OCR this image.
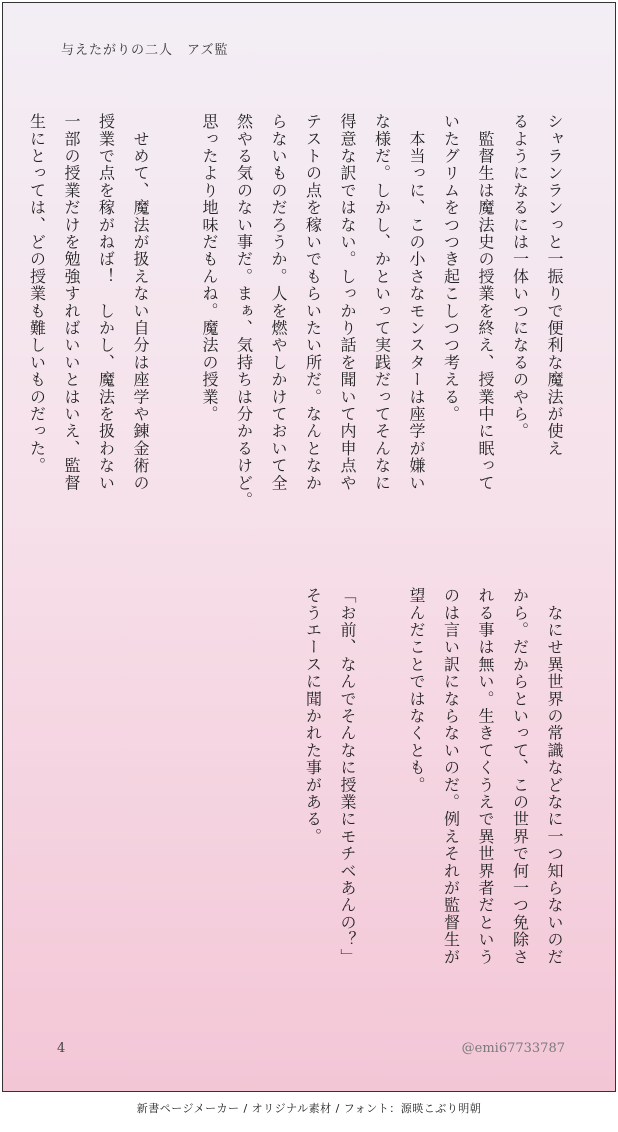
与えたがりの二人　アズ監

シャランランっと一振りで便利な魔法が使え

るようになるには一体いつになるのやら。

　監督生は魔法史の授業を終え、授業中に眠って

いたグリムをつつき起こしつつ考える。

　本当っに、この小さなモンスターは座学が嫌い

な様だ。しかし、かといって実践だってそんなに

得意な訳ではない。しっかり話を聞いて内申点や

テストの点を稼いでもらいたい所だ。なんとなか

らないものだろうか。人を燃やしかけておいて全

然やる気のない事だ。まぁ、気持ちは分かるけど。

思ったより地味だもんね。魔法の授業。

　せめて、魔法が扱えない自分は座学や錬金術の

授業で点を稼がねば！　しかし、魔法を扱わない

一部の授業だけを勉強すればいいとはいえ、監督

生にとっては、どの授業も難しいものだった。

　なにせ異世界の常識などなに一つ知らないのだ

から。だからといって、この世界で何一つ免除さ

れる事は無い。生きてくうえで異世界者だという

のは言い訳にならないのだ。例えそれが監督生が

望んだことではなくとも。

「お前、なんでそんなに授業にモチベあんの？」

そうエースに聞かれた事がある。

4	@emi67733787
新書ページメーカー / オリジナル素材 / フォント：源暎こぶり明朝
